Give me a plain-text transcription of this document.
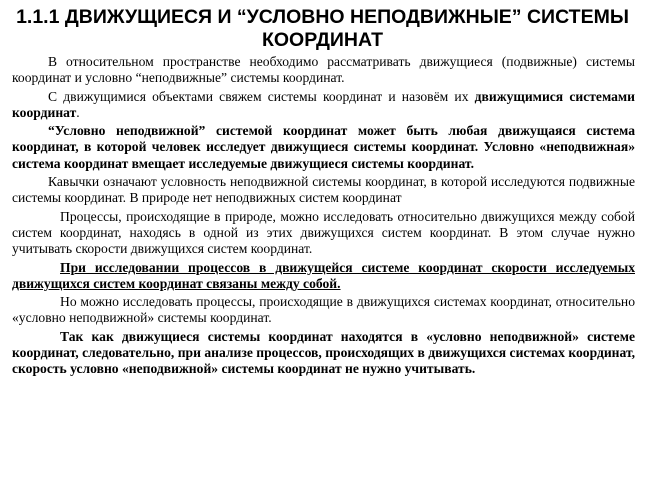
1.1.1 ДВИЖУЩИЕСЯ И “УСЛОВНО НЕПОДВИЖНЫЕ” СИСТЕМЫ
КООРДИНАТ

В относительном пространстве необходимо рассматривать движущиеся (подвижные) системы координат и условно “неподвижные” системы координат.

С движущимися объектами свяжем системы координат и назовём их движущимися системами координат.

“Условно неподвижной” системой координат может быть любая движущаяся система координат, в которой человек исследует движущиеся системы координат. Условно «неподвижная» система координат вмещает исследуемые движущиеся системы координат.

Кавычки означают условность неподвижной системы координат, в которой исследуются подвижные системы координат. В природе нет неподвижных систем координат

Процессы, происходящие в природе, можно исследовать относительно движущихся между собой систем координат, находясь в одной из этих движущихся систем координат. В этом случае нужно учитывать скорости движущихся систем координат.

При исследовании процессов в движущейся системе координат скорости исследуемых движущихся систем координат связаны между собой.

Но можно исследовать процессы, происходящие в движущихся системах координат, относительно «условно неподвижной» системы координат.

Так как движущиеся системы координат находятся в «условно неподвижной» системе координат, следовательно, при анализе процессов, происходящих в движущихся системах координат, скорость условно «неподвижной» системы координат не нужно учитывать.
